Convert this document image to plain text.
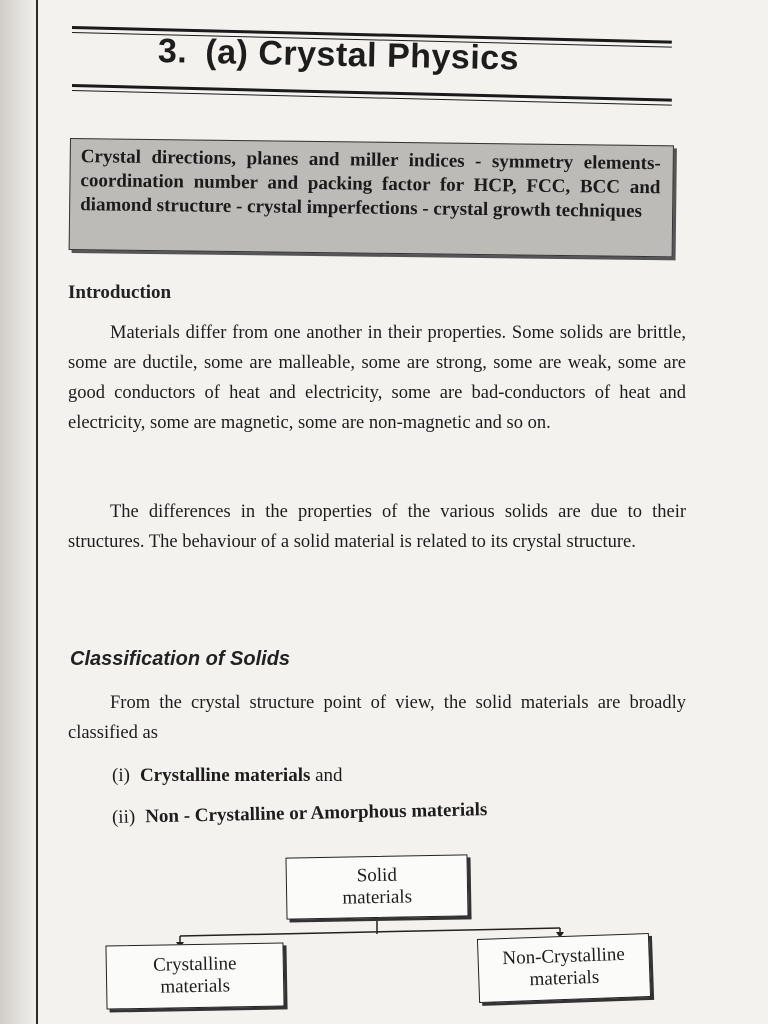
3. (a) Crystal Physics

Crystal directions, planes and miller indices - symmetry elements-coordination number and packing factor for HCP, FCC, BCC and diamond structure - crystal imperfections - crystal growth techniques

Introduction

Materials differ from one another in their properties. Some solids are brittle, some are ductile, some are malleable, some are strong, some are weak, some are good conductors of heat and electricity, some are bad-conductors of heat and electricity, some are magnetic, some are non-magnetic and so on.

The differences in the properties of the various solids are due to their structures. The behaviour of a solid material is related to its crystal structure.

Classification of Solids

From the crystal structure point of view, the solid materials are broadly classified as

(i) Crystalline materials and

(ii) Non - Crystalline or Amorphous materials

Solid
materials
Crystalline
materials
Non-Crystalline
materials
